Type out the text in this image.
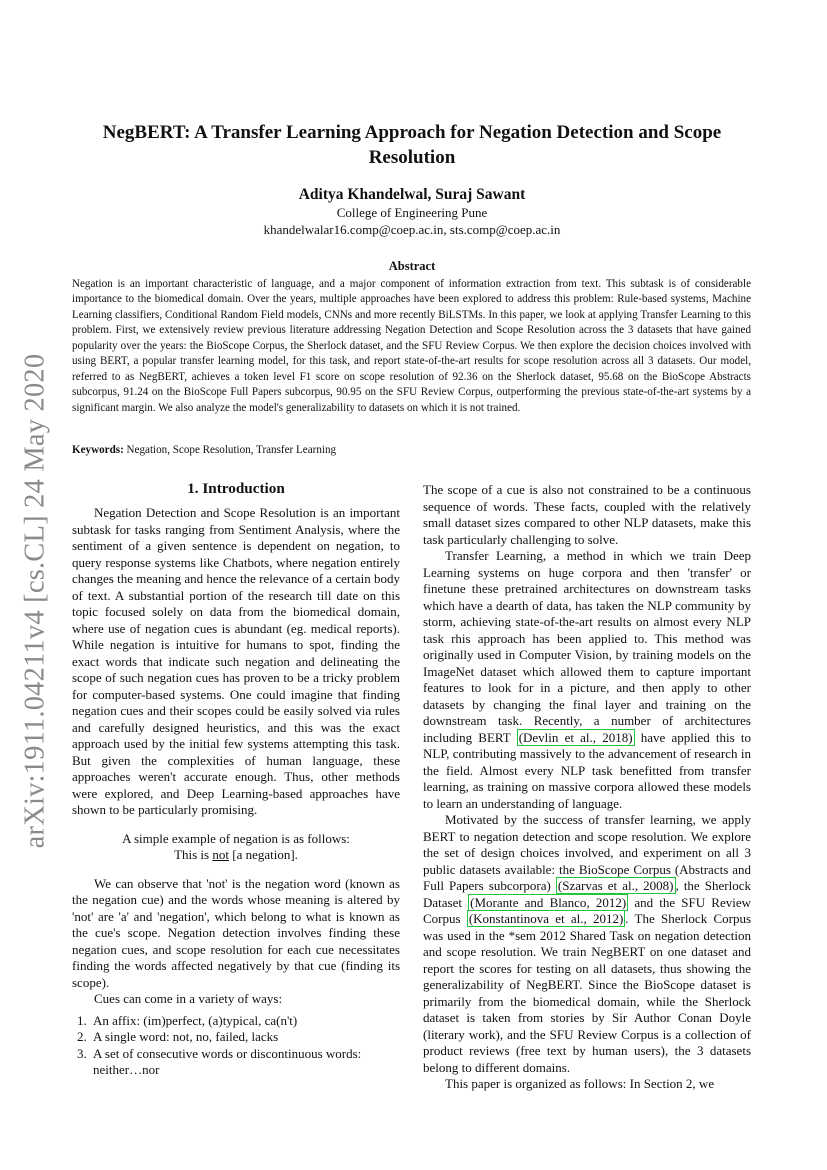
arXiv:1911.04211v4 [cs.CL] 24 May 2020
NegBERT: A Transfer Learning Approach for Negation Detection and Scope Resolution
Aditya Khandelwal, Suraj Sawant
College of Engineering Pune
khandelwalar16.comp@coep.ac.in, sts.comp@coep.ac.in
Abstract

Negation is an important characteristic of language, and a major component of information extraction from text. This subtask is of considerable importance to the biomedical domain. Over the years, multiple approaches have been explored to address this problem: Rule-based systems, Machine Learning classifiers, Conditional Random Field models, CNNs and more recently BiLSTMs. In this paper, we look at applying Transfer Learning to this problem. First, we extensively review previous literature addressing Negation Detection and Scope Resolution across the 3 datasets that have gained popularity over the years: the BioScope Corpus, the Sherlock dataset, and the SFU Review Corpus. We then explore the decision choices involved with using BERT, a popular transfer learning model, for this task, and report state-of-the-art results for scope resolution across all 3 datasets. Our model, referred to as NegBERT, achieves a token level F1 score on scope resolution of 92.36 on the Sherlock dataset, 95.68 on the BioScope Abstracts subcorpus, 91.24 on the BioScope Full Papers subcorpus, 90.95 on the SFU Review Corpus, outperforming the previous state-of-the-art systems by a significant margin. We also analyze the model's generalizability to datasets on which it is not trained.

Keywords: Negation, Scope Resolution, Transfer Learning
1. Introduction

Negation Detection and Scope Resolution is an important subtask for tasks ranging from Sentiment Analysis, where the sentiment of a given sentence is dependent on negation, to query response systems like Chatbots, where negation entirely changes the meaning and hence the relevance of a certain body of text. A substantial portion of the research till date on this topic focused solely on data from the biomedical domain, where use of negation cues is abundant (eg. medical reports). While negation is intuitive for humans to spot, finding the exact words that indicate such negation and delineating the scope of such negation cues has proven to be a tricky problem for computer-based systems. One could imagine that finding negation cues and their scopes could be easily solved via rules and carefully designed heuristics, and this was the exact approach used by the initial few systems attempting this task. But given the complexities of human language, these approaches weren't accurate enough. Thus, other methods were explored, and Deep Learning-based approaches have shown to be particularly promising.

A simple example of negation is as follows:
This is not [a negation].

We can observe that 'not' is the negation word (known as the negation cue) and the words whose meaning is altered by 'not' are 'a' and 'negation', which belong to what is known as the cue's scope. Negation detection involves finding these negation cues, and scope resolution for each cue necessitates finding the words affected negatively by that cue (finding its scope).

Cues can come in a variety of ways:

1. An affix: (im)perfect, (a)typical, ca(n't)
2. A single word: not, no, failed, lacks
3. A set of consecutive words or discontinuous words: neither…nor

The scope of a cue is also not constrained to be a continuous sequence of words. These facts, coupled with the relatively small dataset sizes compared to other NLP datasets, make this task particularly challenging to solve.

Transfer Learning, a method in which we train Deep Learning systems on huge corpora and then 'transfer' or finetune these pretrained architectures on downstream tasks which have a dearth of data, has taken the NLP community by storm, achieving state-of-the-art results on almost every NLP task rhis approach has been applied to. This method was originally used in Computer Vision, by training models on the ImageNet dataset which allowed them to capture important features to look for in a picture, and then apply to other datasets by changing the final layer and training on the downstream task. Recently, a number of architectures including BERT (Devlin et al., 2018) have applied this to NLP, contributing massively to the advancement of research in the field. Almost every NLP task benefitted from transfer learning, as training on massive corpora allowed these models to learn an understanding of language.

Motivated by the success of transfer learning, we apply BERT to negation detection and scope resolution. We explore the set of design choices involved, and experiment on all 3 public datasets available: the BioScope Corpus (Abstracts and Full Papers subcorpora) (Szarvas et al., 2008) , the Sherlock Dataset (Morante and Blanco, 2012) and the SFU Review Corpus (Konstantinova et al., 2012) . The Sherlock Corpus was used in the *sem 2012 Shared Task on negation detection and scope resolution. We train NegBERT on one dataset and report the scores for testing on all datasets, thus showing the generalizability of NegBERT. Since the BioScope dataset is primarily from the biomedical domain, while the Sherlock dataset is taken from stories by Sir Author Conan Doyle (literary work), and the SFU Review Corpus is a collection of product reviews (free text by human users), the 3 datasets belong to different domains.

This paper is organized as follows: In Section 2, we
